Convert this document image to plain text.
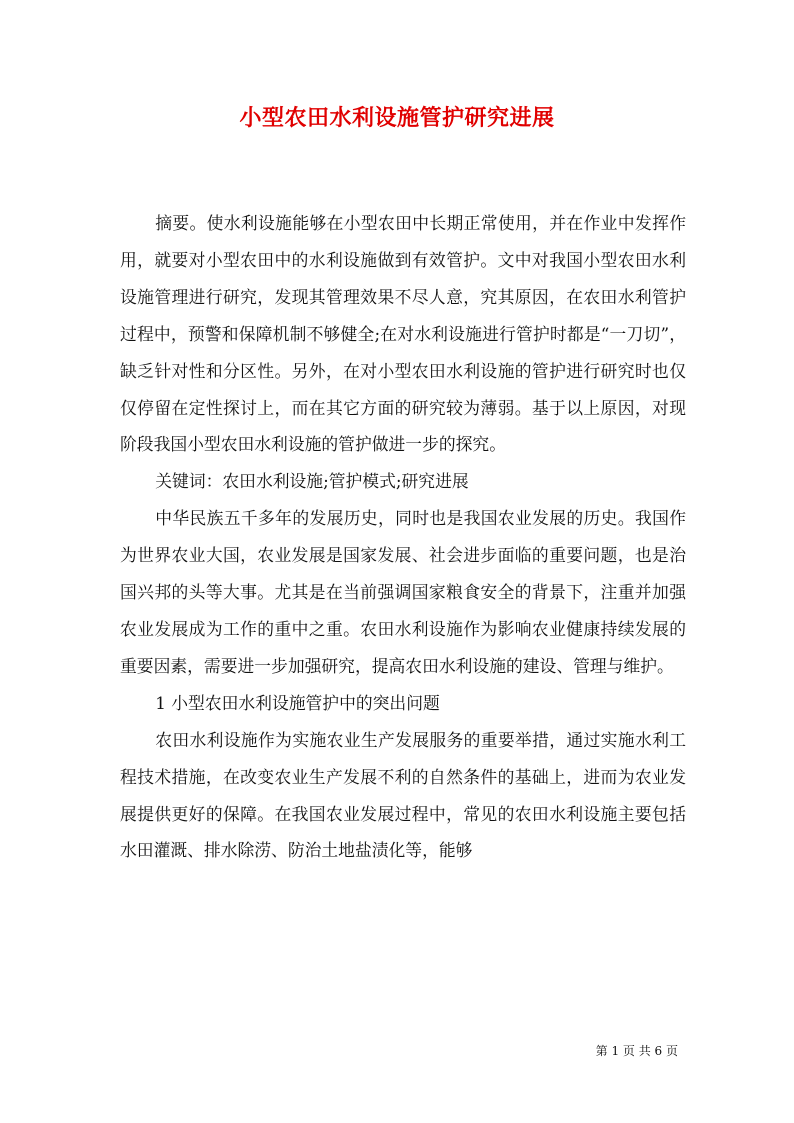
小型农田水利设施管护研究进展

摘要。使水利设施能够在小型农田中长期正常使用，并在作业中发挥作用，就要对小型农田中的水利设施做到有效管护。文中对我国小型农田水利设施管理进行研究，发现其管理效果不尽人意，究其原因，在农田水利管护过程中，预警和保障机制不够健全;在对水利设施进行管护时都是“一刀切”，缺乏针对性和分区性。另外，在对小型农田水利设施的管护进行研究时也仅仅停留在定性探讨上，而在其它方面的研究较为薄弱。基于以上原因，对现阶段我国小型农田水利设施的管护做进一步的探究。

关键词：农田水利设施;管护模式;研究进展

中华民族五千多年的发展历史，同时也是我国农业发展的历史。我国作为世界农业大国，农业发展是国家发展、社会进步面临的重要问题，也是治国兴邦的头等大事。尤其是在当前强调国家粮食安全的背景下，注重并加强农业发展成为工作的重中之重。农田水利设施作为影响农业健康持续发展的重要因素，需要进一步加强研究，提高农田水利设施的建设、管理与维护。

1 小型农田水利设施管护中的突出问题

农田水利设施作为实施农业生产发展服务的重要举措，通过实施水利工程技术措施，在改变农业生产发展不利的自然条件的基础上，进而为农业发展提供更好的保障。在我国农业发展过程中，常见的农田水利设施主要包括水田灌溉、排水除涝、防治土地盐渍化等，能够

第 1 页 共 6 页
